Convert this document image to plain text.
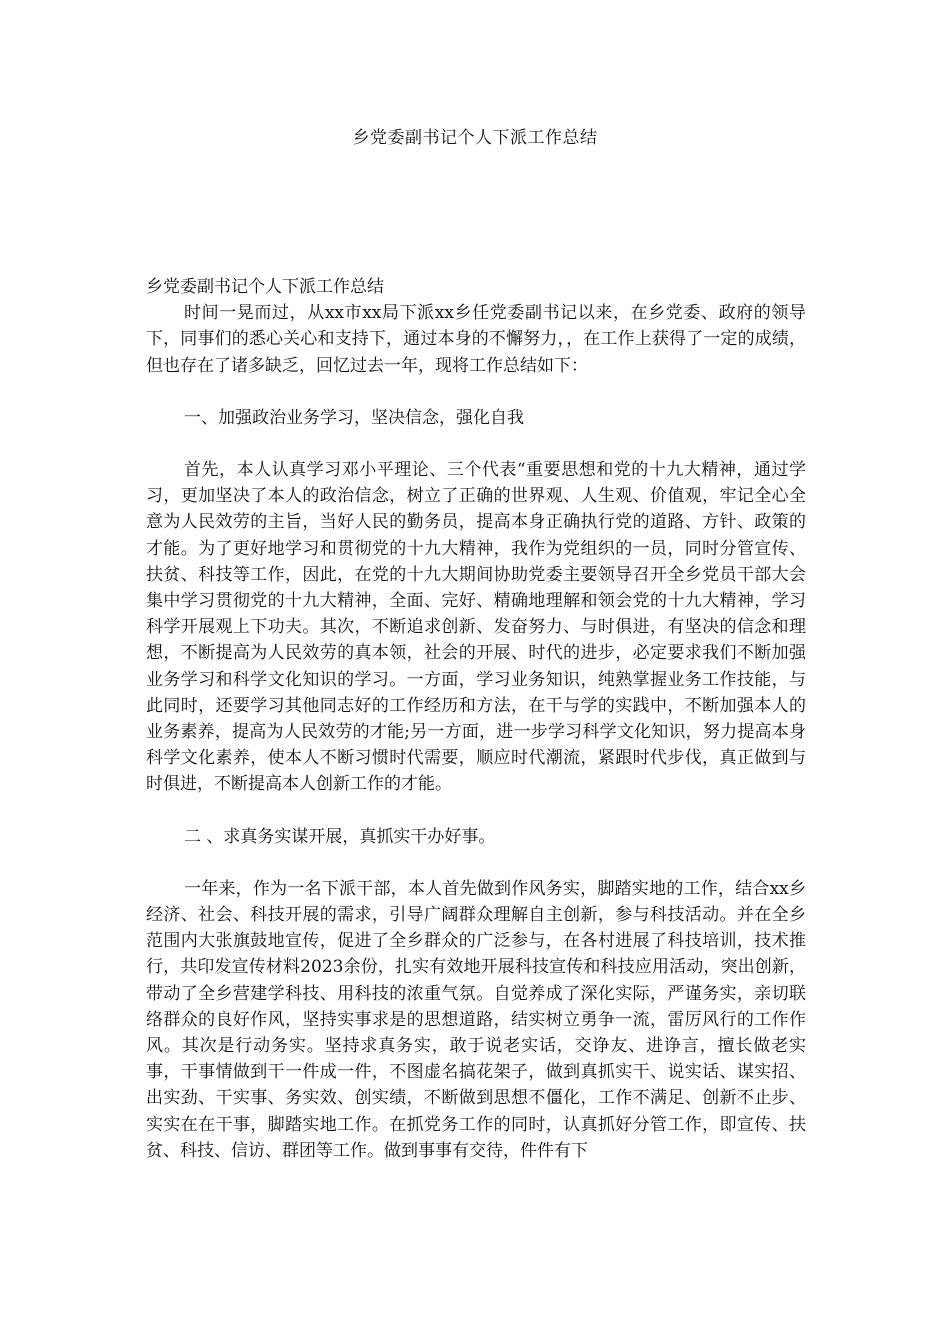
乡党委副书记个人下派工作总结

乡党委副书记个人下派工作总结

时间一晃而过，从xx市xx局下派xx乡任党委副书记以来，在乡党委、政府的领导下，同事们的悉心关心和支持下，通过本身的不懈努力，，在工作上获得了一定的成绩，但也存在了诸多缺乏，回忆过去一年，现将工作总结如下：

一、加强政治业务学习，坚决信念，强化自我

首先，本人认真学习邓小平理论、三个代表“重要思想和党的十九大精神，通过学习，更加坚决了本人的政治信念，树立了正确的世界观、人生观、价值观，牢记全心全意为人民效劳的主旨，当好人民的勤务员，提高本身正确执行党的道路、方针、政策的才能。为了更好地学习和贯彻党的十九大精神，我作为党组织的一员，同时分管宣传、扶贫、科技等工作，因此，在党的十九大期间协助党委主要领导召开全乡党员干部大会集中学习贯彻党的十九大精神，全面、完好、精确地理解和领会党的十九大精神，学习科学开展观上下功夫。其次，不断追求创新、发奋努力、与时俱进，有坚决的信念和理想，不断提高为人民效劳的真本领，社会的开展、时代的进步，必定要求我们不断加强业务学习和科学文化知识的学习。一方面，学习业务知识，纯熟掌握业务工作技能，与此同时，还要学习其他同志好的工作经历和方法，在干与学的实践中，不断加强本人的业务素养，提高为人民效劳的才能;另一方面，进一步学习科学文化知识，努力提高本身科学文化素养，使本人不断习惯时代需要，顺应时代潮流，紧跟时代步伐，真正做到与时俱进，不断提高本人创新工作的才能。

二 、求真务实谋开展，真抓实干办好事。

一年来，作为一名下派干部，本人首先做到作风务实，脚踏实地的工作，结合xx乡经济、社会、科技开展的需求，引导广阔群众理解自主创新，参与科技活动。并在全乡范围内大张旗鼓地宣传，促进了全乡群众的广泛参与，在各村进展了科技培训，技术推行，共印发宣传材料2023余份，扎实有效地开展科技宣传和科技应用活动，突出创新，带动了全乡营建学科技、用科技的浓重气氛。自觉养成了深化实际，严谨务实，亲切联络群众的良好作风，坚持实事求是的思想道路，结实树立勇争一流，雷厉风行的工作作风。其次是行动务实。坚持求真务实，敢于说老实话，交诤友、进诤言，擅长做老实事，干事情做到干一件成一件，不图虚名搞花架子，做到真抓实干、说实话、谋实招、出实劲、干实事、务实效、创实绩，不断做到思想不僵化，工作不满足、创新不止步、实实在在干事，脚踏实地工作。在抓党务工作的同时，认真抓好分管工作，即宣传、扶贫、科技、信访、群团等工作。做到事事有交待，件件有下
